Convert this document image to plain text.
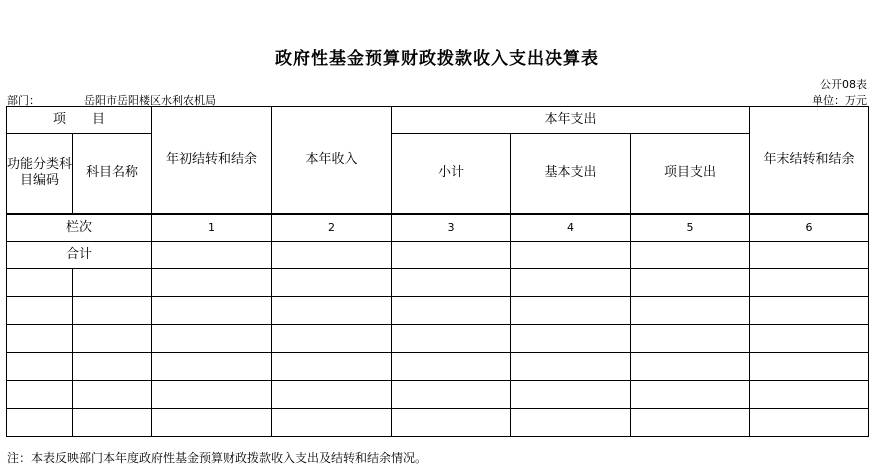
政府性基金预算财政拨款收入支出决算表
公开08表
部门：	岳阳市岳阳楼区水利农机局	单位：万元
项　　目		年初结转和结余	本年收入	本年支出			年末结转和结余
功能分类科目编码	科目名称			小计	基本支出	项目支出	
栏次		1	2	3	4	5	6
合计							

注：本表反映部门本年度政府性基金预算财政拨款收入支出及结转和结余情况。
